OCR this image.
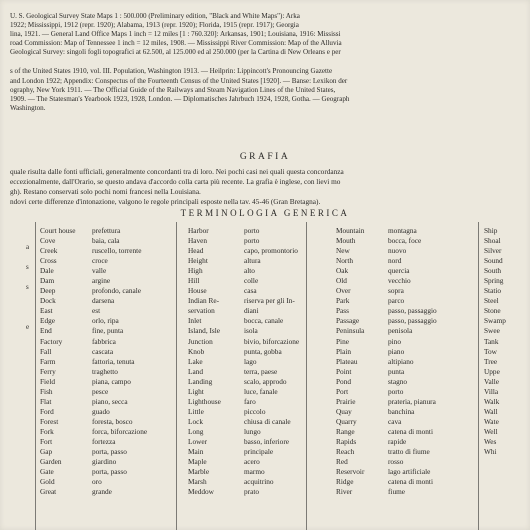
U. S. Geological Survey State Maps 1 : 500.000 (Preliminary edition, "Black and White Maps"): Arka

1922; Mississippi, 1912 (repr. 1920); Alabama, 1913 (repr. 1920); Florida, 1915 (repr. 1917); Georgia

lina, 1921. — General Land Office Maps 1 inch = 12 miles [1 : 760.320]: Arkansas, 1901; Louisiana, 1916: Mississi

road Commission: Map of Tennessee 1 inch = 12 miles, 1908. — Mississippi River Commission: Map of the Alluvia

Geological Survey: singoli fogli topografici at 62.500, al 125.000 ed al 250.000 (per la Cartina di New Orleans e per

s of the United States 1910, vol. III. Population, Washington 1913. — Heilprin: Lippincott's Pronouncing Gazette

and London 1922; Appendix: Conspectus of the Fourteenth Census of the United States [1920]. — Banse: Lexikon der

ography, New York 1911. — The Official Guide of the Railways and Steam Navigation Lines of the United States,

1909. — The Statesman's Yearbook 1923, 1928, London. — Diplomatisches Jahrbuch 1924, 1928, Gotha. — Geograph

Washington.

GRAFIA

quale risulta dalle fonti ufficiali, generalmente concordanti tra di loro. Nei pochi casi nei quali questa concordanza

eccezionalmente, dall'Orario, se questo andava d'accordo colla carta più recente. La grafia è inglese, con lievi mo

gh). Restano conservati solo pochi nomi francesi nella Louisiana.

ndovi certe differenze d'intonazione, valgono le regole principali esposte nella tav. 45-46 (Gran Bretagna).

TERMINOLOGIA GENERICA
a
s
s
e
Court house	prefettura
Cove	baia, cala
Creek	ruscello, torrente
Cross	croce
Dale	valle
Dam	argine
Deep	profondo, canale
Dock	darsena
East	est
Edge	orlo, ripa
End	fine, punta
Factory	fabbrica
Fall	cascata
Farm	fattoria, tenuta
Ferry	traghetto
Field	piana, campo
Fish	pesce
Flat	piano, secca
Ford	guado
Forest	foresta, bosco
Fork	forca, biforcazione
Fort	fortezza
Gap	porta, passo
Garden	giardino
Gate	porta, passo
Gold	oro
Great	grande
Harbor	porto
Haven	porto
Head	capo, promontorio
Height	altura
High	alto
Hill	colle
House	casa
Indian Re-	riserva per gli In-
servation	diani
Inlet	bocca, canale
Island, Isle	isola
Junction	bivio, biforcazione
Knob	punta, gobba
Lake	lago
Land	terra, paese
Landing	scalo, approdo
Light	luce, fanale
Lighthouse	faro
Little	piccolo
Lock	chiusa di canale
Long	lungo
Lower	basso, inferiore
Main	principale
Maple	acero
Marble	marmo
Marsh	acquitrino
Meddow	prato
Mountain	montagna
Mouth	bocca, foce
New	nuovo
North	nord
Oak	quercia
Old	vecchio
Over	sopra
Park	parco
Pass	passo, passaggio
Passage	passo, passaggio
Peninsula	penisola
Pine	pino
Plain	piano
Plateau	altipiano
Point	punta
Pond	stagno
Port	porto
Prairie	prateria, pianura
Quay	banchina
Quarry	cava
Range	catena di monti
Rapids	rapide
Reach	tratto di fiume
Red	rosso
Reservoir	lago artificiale
Ridge	catena di monti
River	fiume
Ship
Shoal
Silver
Sound
South
Spring
Statio
Steel
Stone
Swamp
Swee
Tank
Tow
Tree
Uppe
Valle
Villa
Walk
Wall
Wate
Well
Wes
Whi
